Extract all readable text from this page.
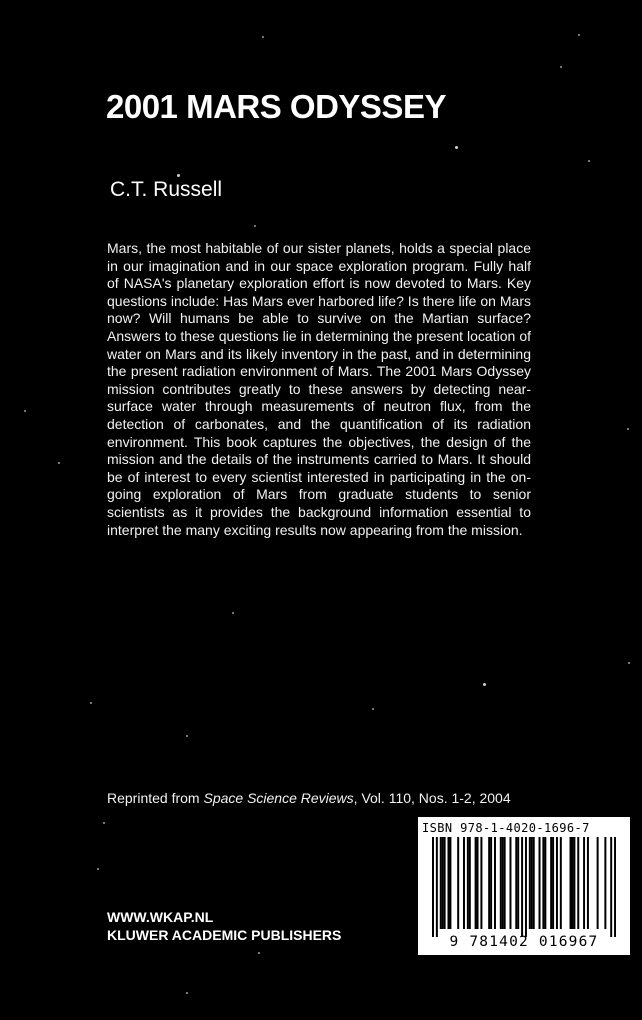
2001 MARS ODYSSEY
C.T. Russell

Mars, the most habitable of our sister planets, holds a special place in our imagination and in our space exploration program. Fully half of NASA's planetary exploration effort is now devoted to Mars. Key questions include: Has Mars ever harbored life? Is there life on Mars now? Will humans be able to survive on the Martian surface? Answers to these questions lie in determining the present location of water on Mars and its likely inventory in the past, and in determining the present radiation environment of Mars. The 2001 Mars Odyssey mission contributes greatly to these answers by detecting near-surface water through measurements of neutron flux, from the detection of carbonates, and the quantification of its radiation environment. This book captures the objectives, the design of the mission and the details of the instruments carried to Mars. It should be of interest to every scientist interested in participating in the on-going exploration of Mars from graduate students to senior scientists as it provides the background information essential to interpret the many exciting results now appearing from the mission.

Reprinted from Space Science Reviews, Vol. 110, Nos. 1-2, 2004
WWW.WKAP.NL
KLUWER ACADEMIC PUBLISHERS
ISBN 978-1-4020-1696-7
9 781402 016967
